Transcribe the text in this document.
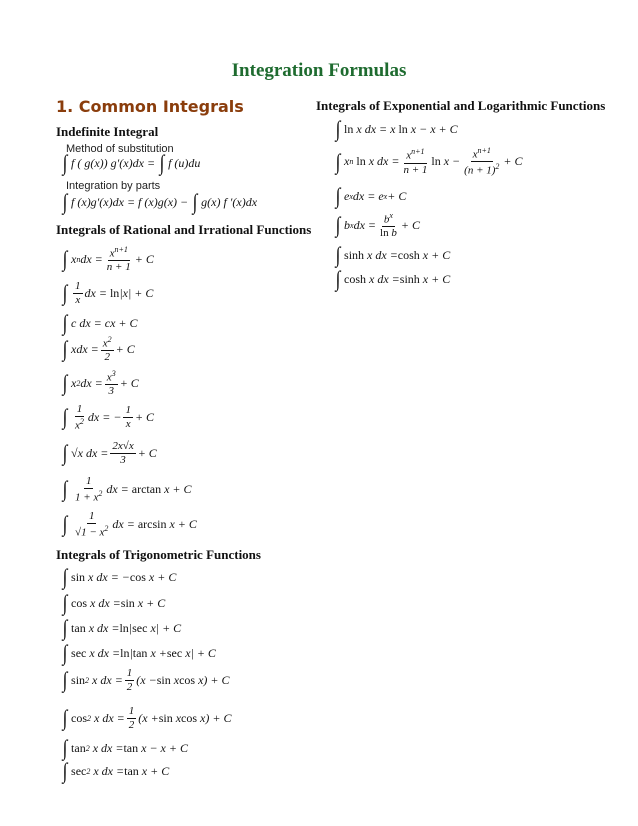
Integration Formulas
1. Common Integrals
Indefinite Integral
Method of substitution
∫ f ( g(x)) g′(x)dx = ∫ f (u)du
Integration by parts
∫ f (x)g′(x)dx = f (x)g(x) − ∫ g(x) f ′(x)dx
Integrals of Rational and Irrational Functions
∫ x n dx = $\frac{x^{n+1}}{n + 1} + C$
∫ $\frac{1}{x}$ dx = ln |x| + C
∫ c dx = cx + C
∫ xdx = $\frac{x^2}{2} + C$
∫ x 2 dx = $\frac{x^3}{3} + C$
∫ $\frac{1}{x^2}$ dx = − $\frac{1}{x} + C$
∫ √ x dx = $\frac{2x√x}{3} + C$
∫ $\frac{1}{1 + x^2}$ dx = arctan x + C
∫ $\frac{1}{√1 - x^2}$ dx = arcsin x + C
Integrals of Trigonometric Functions
∫ sin x dx = − cos x + C
∫ cos x dx = sin x + C
∫ tan x dx = ln | sec x| + C
∫ sec x dx = ln | tan x + sec x| + C
∫ sin 2 x dx = $\frac{1}{2} (x - \sin x$ cos x) + C
∫ cos 2 x dx = $\frac{1}{2} (x + \sin x$ cos x) + C
∫ tan 2 x dx = tan x − x + C
∫ sec 2 x dx = tan x + C
Integrals of Exponential and Logarithmic Functions
∫ ln x dx = x ln x − x + C
∫ x n ln x dx = $\frac{x^{n+1}}{n + 1}$ $\ln x - \frac{x^{n+1}}{(n + 1)^2} + C$
∫ e x dx = e x + C
∫ b x dx = $\frac{b^x}{\text{ln b}} + C$
∫ sinh x dx = cosh x + C
∫ cosh x dx = sinh x + C
